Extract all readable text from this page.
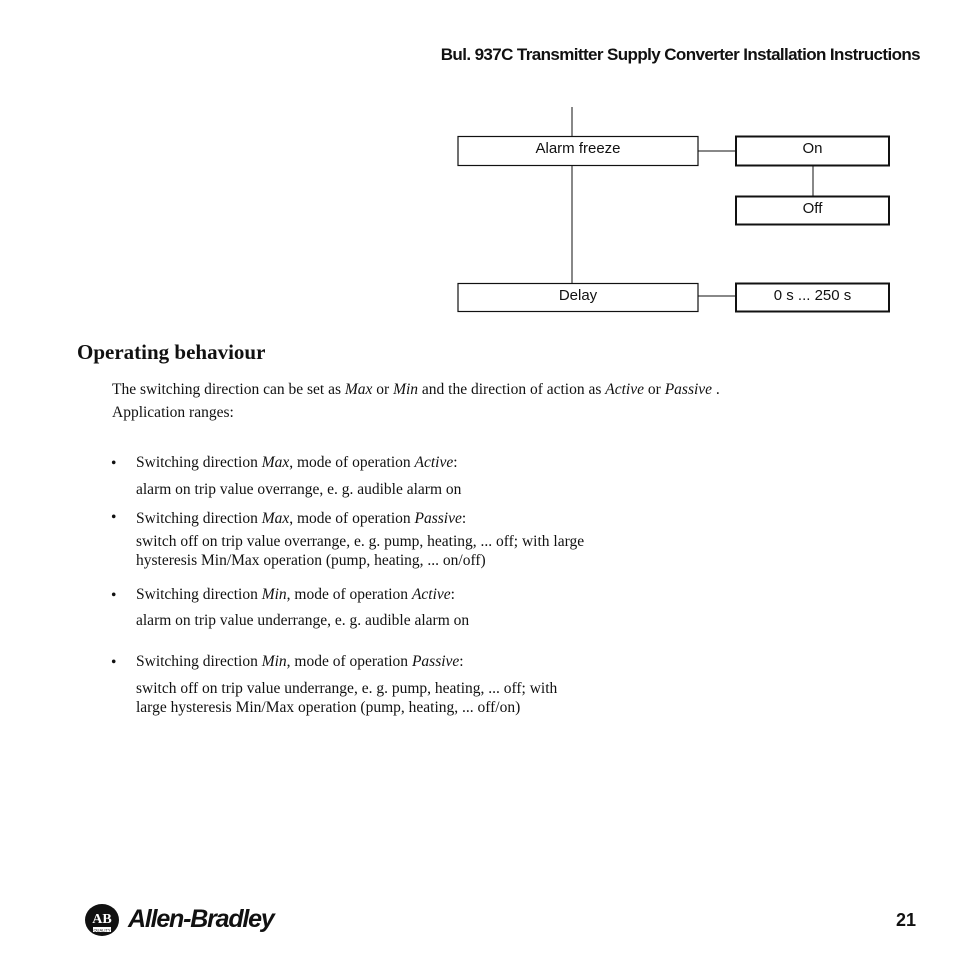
Bul. 937C Transmitter Supply Converter Installation Instructions
Alarm freeze	On
Off
Delay	0 s ... 250 s
Operating behaviour

The switching direction can be set as Max or Min and the direction of action as Active or Passive .

Application ranges:

• Switching direction Max, mode of operation Active:

alarm on trip value overrange, e. g. audible alarm on

• Switching direction Max, mode of operation Passive:

switch off on trip value overrange, e. g. pump, heating, ... off; with large

hysteresis Min/Max operation (pump, heating, ... on/off)

• Switching direction Min, mode of operation Active:

alarm on trip value underrange, e. g. audible alarm on

• Switching direction Min, mode of operation Passive:

switch off on trip value underrange, e. g. pump, heating, ... off; with

large hysteresis Min/Max operation (pump, heating, ... off/on)

AB
QUALITY Allen-Bradley	21
